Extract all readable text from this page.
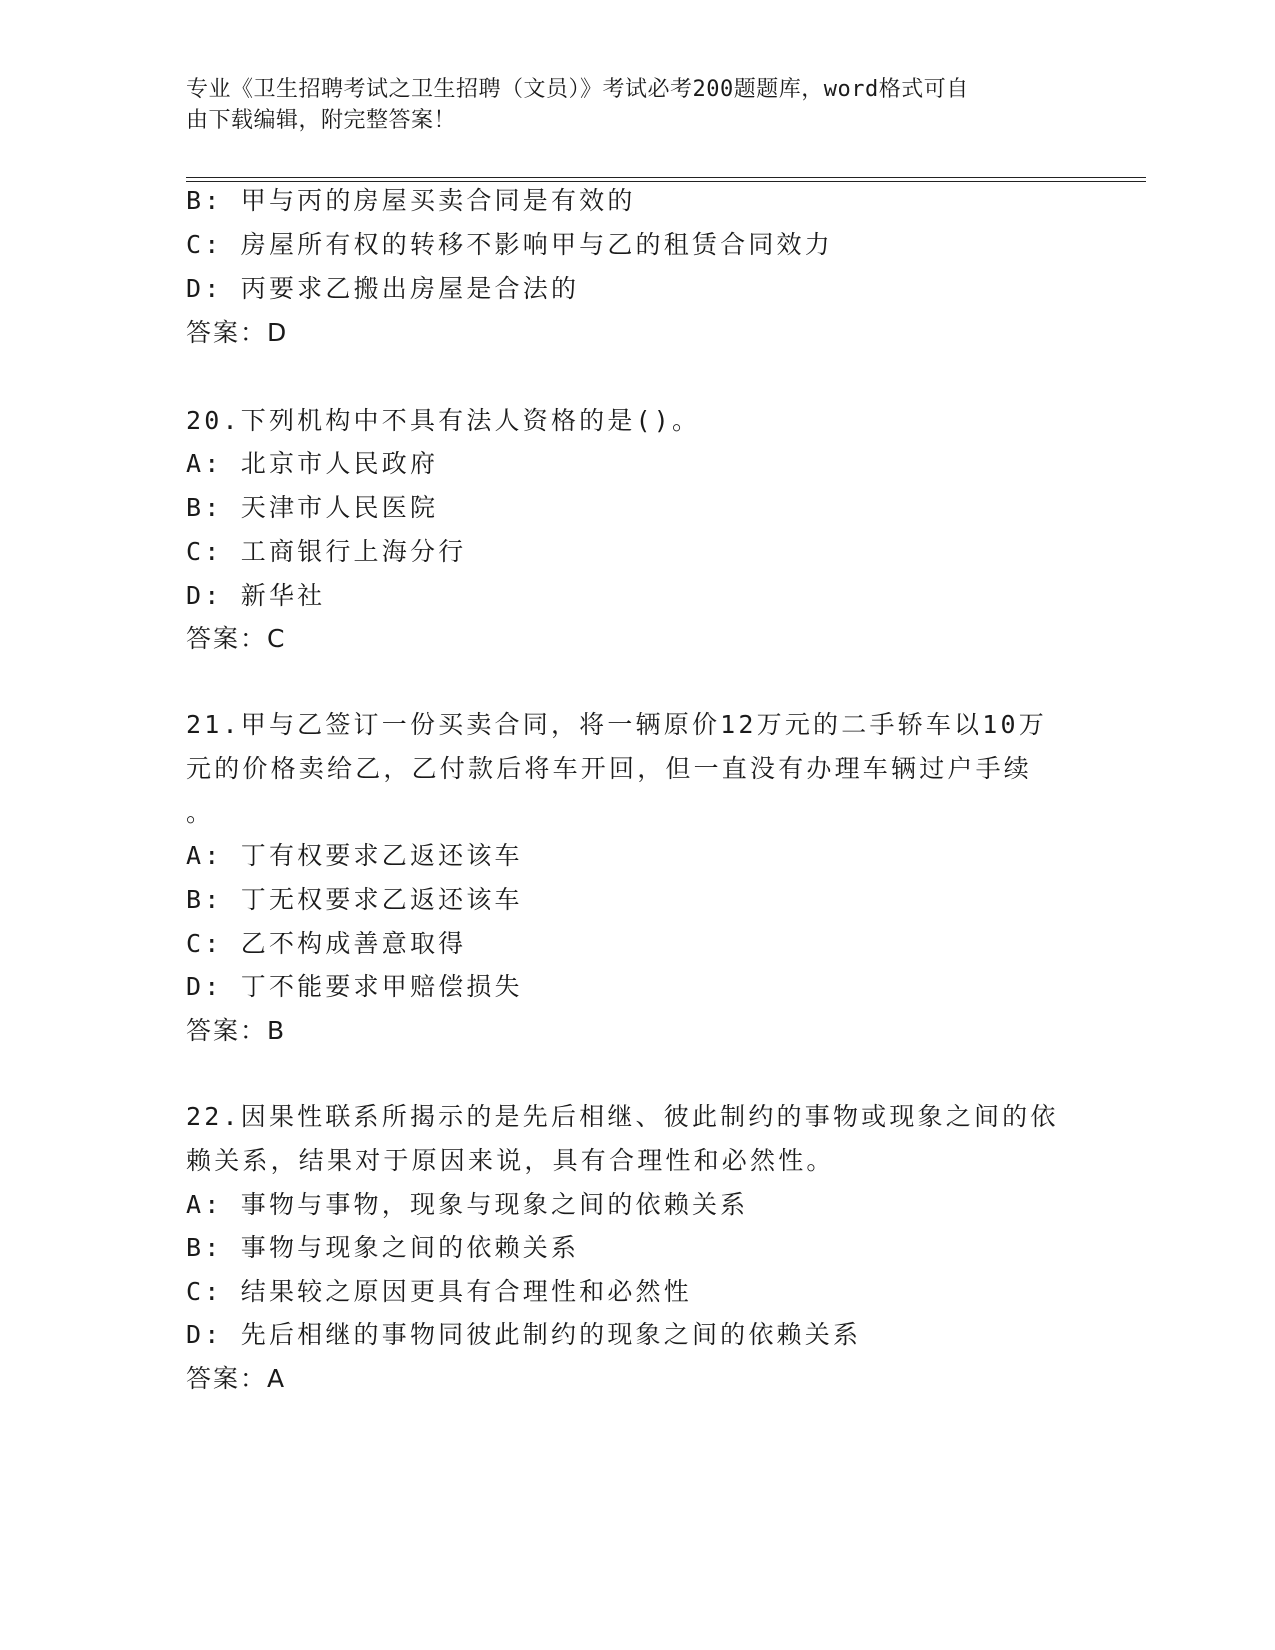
专业《卫生招聘考试之卫生招聘（文员）》考试必考200题题库，word格式可自
由下载编辑，附完整答案！
B: 甲与丙的房屋买卖合同是有效的
C: 房屋所有权的转移不影响甲与乙的租赁合同效力
D: 丙要求乙搬出房屋是合法的
答案：D
20.下列机构中不具有法人资格的是()。
A: 北京市人民政府
B: 天津市人民医院
C: 工商银行上海分行
D: 新华社
答案：C
21.甲与乙签订一份买卖合同，将一辆原价12万元的二手轿车以10万
元的价格卖给乙，乙付款后将车开回，但一直没有办理车辆过户手续
。
A: 丁有权要求乙返还该车
B: 丁无权要求乙返还该车
C: 乙不构成善意取得
D: 丁不能要求甲赔偿损失
答案：B
22.因果性联系所揭示的是先后相继、彼此制约的事物或现象之间的依
赖关系，结果对于原因来说，具有合理性和必然性。
A: 事物与事物，现象与现象之间的依赖关系
B: 事物与现象之间的依赖关系
C: 结果较之原因更具有合理性和必然性
D: 先后相继的事物同彼此制约的现象之间的依赖关系
答案：A
